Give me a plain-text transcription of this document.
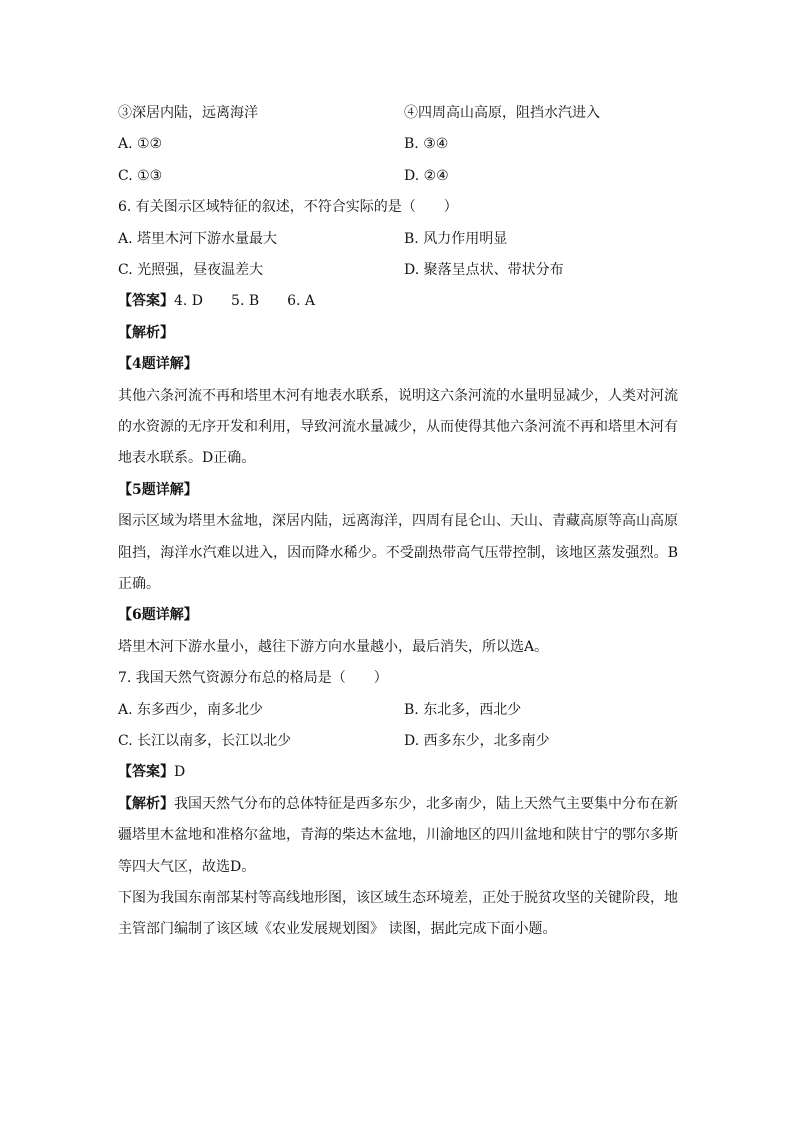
③深居内陆，远离海洋	④四周高山高原，阻挡水汽进入
A. ①②	B. ③④
C. ①③	D. ②④
6. 有关图示区域特征的叙述，不符合实际的是（　　）
A. 塔里木河下游水量最大	B. 风力作用明显
C. 光照强，昼夜温差大	D. 聚落呈点状、带状分布
【答案】4. D　　5. B　　6. A
【解析】
【4题详解】
其他六条河流不再和塔里木河有地表水联系，说明这六条河流的水量明显减少，人类对河流的水资源的无序开发和利用，导致河流水量减少，从而使得其他六条河流不再和塔里木河有地表水联系。D正确。
【5题详解】
图示区域为塔里木盆地，深居内陆，远离海洋，四周有昆仑山、天山、青藏高原等高山高原阻挡，海洋水汽难以进入，因而降水稀少。不受副热带高气压带控制，该地区蒸发强烈。B正确。
【6题详解】
塔里木河下游水量小，越往下游方向水量越小，最后消失，所以选A。
7. 我国天然气资源分布总的格局是（　　）
A. 东多西少，南多北少	B. 东北多，西北少
C. 长江以南多，长江以北少	D. 西多东少，北多南少
【答案】D
【解析】我国天然气分布的总体特征是西多东少，北多南少，陆上天然气主要集中分布在新疆塔里木盆地和准格尔盆地，青海的柴达木盆地，川渝地区的四川盆地和陕甘宁的鄂尔多斯等四大气区，故选D。
下图为我国东南部某村等高线地形图，该区域生态环境差，正处于脱贫攻坚的关键阶段，地主管部门编制了该区域《农业发展规划图》 读图，据此完成下面小题。
